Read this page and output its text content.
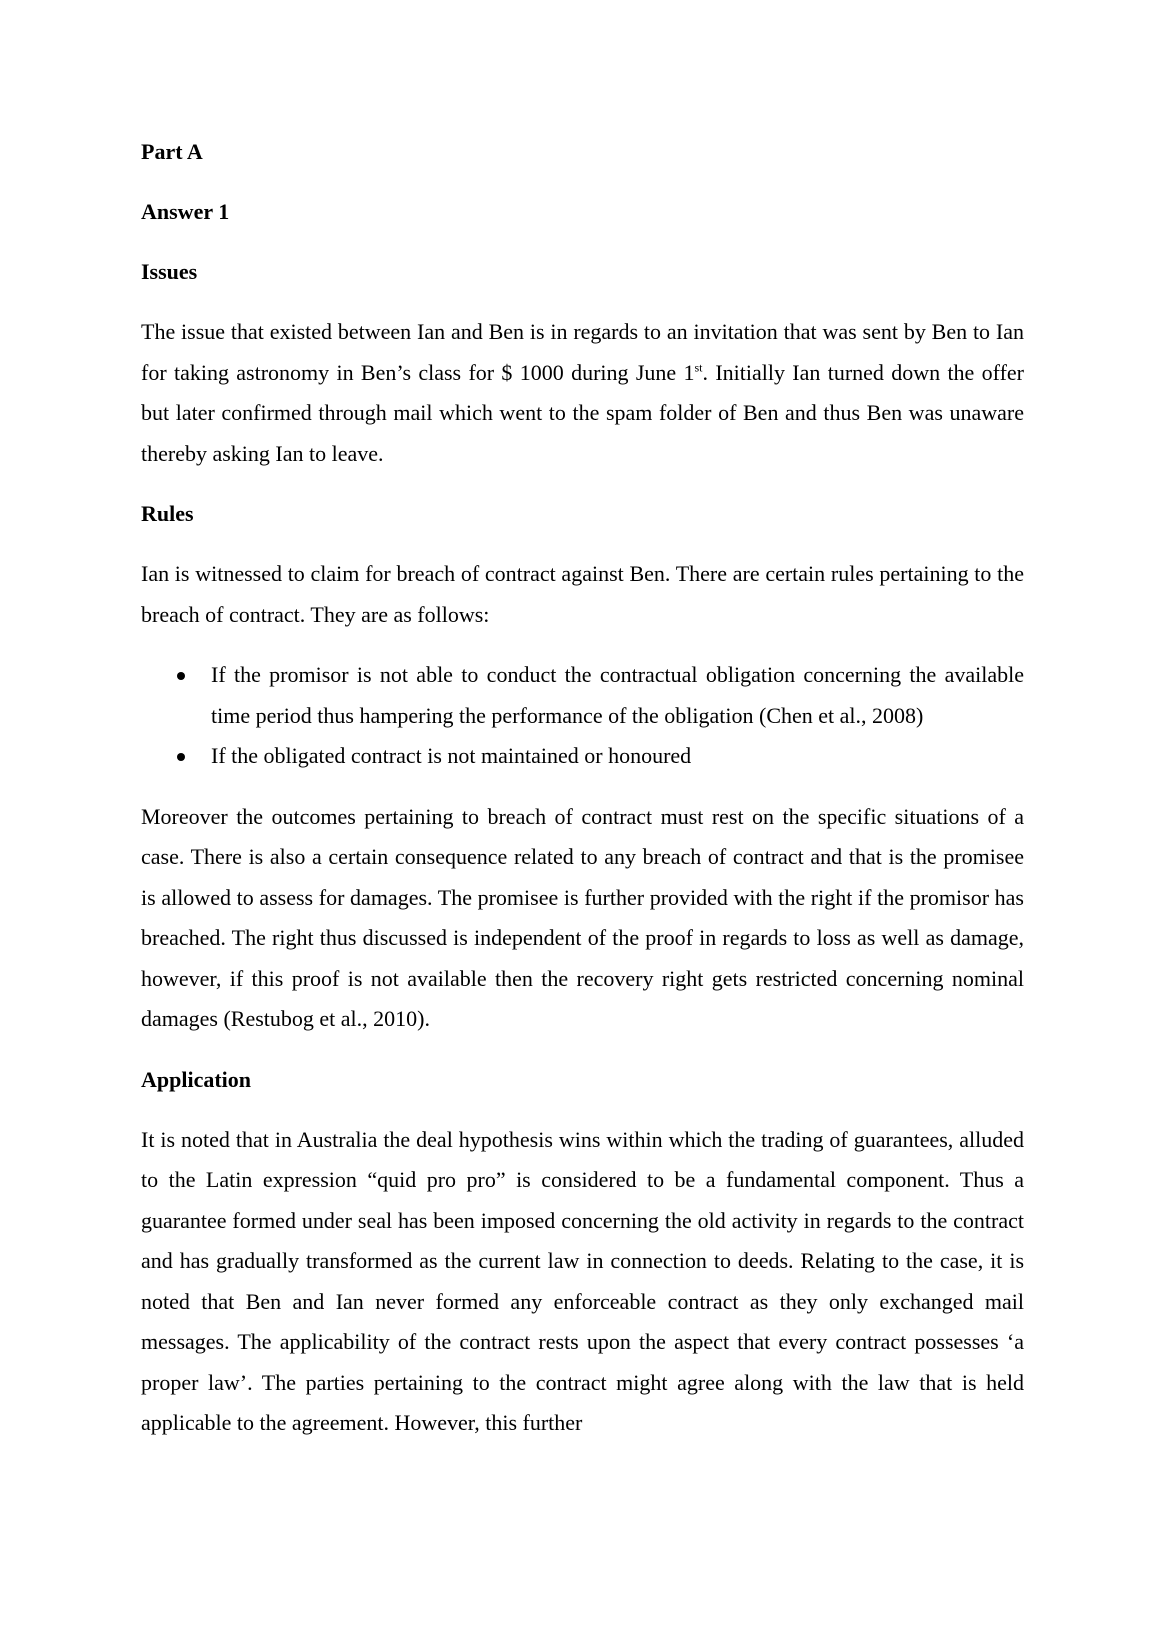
Part A

Answer 1

Issues

The issue that existed between Ian and Ben is in regards to an invitation that was sent by Ben to Ian for taking astronomy in Ben’s class for $ 1000 during June 1st. Initially Ian turned down the offer but later confirmed through mail which went to the spam folder of Ben and thus Ben was unaware thereby asking Ian to leave.

Rules

Ian is witnessed to claim for breach of contract against Ben. There are certain rules pertaining to the breach of contract. They are as follows:

If the promisor is not able to conduct the contractual obligation concerning the available time period thus hampering the performance of the obligation (Chen et al., 2008)
If the obligated contract is not maintained or honoured

Moreover the outcomes pertaining to breach of contract must rest on the specific situations of a case. There is also a certain consequence related to any breach of contract and that is the promisee is allowed to assess for damages. The promisee is further provided with the right if the promisor has breached. The right thus discussed is independent of the proof in regards to loss as well as damage, however, if this proof is not available then the recovery right gets restricted concerning nominal damages (Restubog et al., 2010).

Application

It is noted that in Australia the deal hypothesis wins within which the trading of guarantees, alluded to the Latin expression “quid pro pro” is considered to be a fundamental component. Thus a guarantee formed under seal has been imposed concerning the old activity in regards to the contract and has gradually transformed as the current law in connection to deeds. Relating to the case, it is noted that Ben and Ian never formed any enforceable contract as they only exchanged mail messages. The applicability of the contract rests upon the aspect that every contract possesses ‘a proper law’. The parties pertaining to the contract might agree along with the law that is held applicable to the agreement. However, this further
